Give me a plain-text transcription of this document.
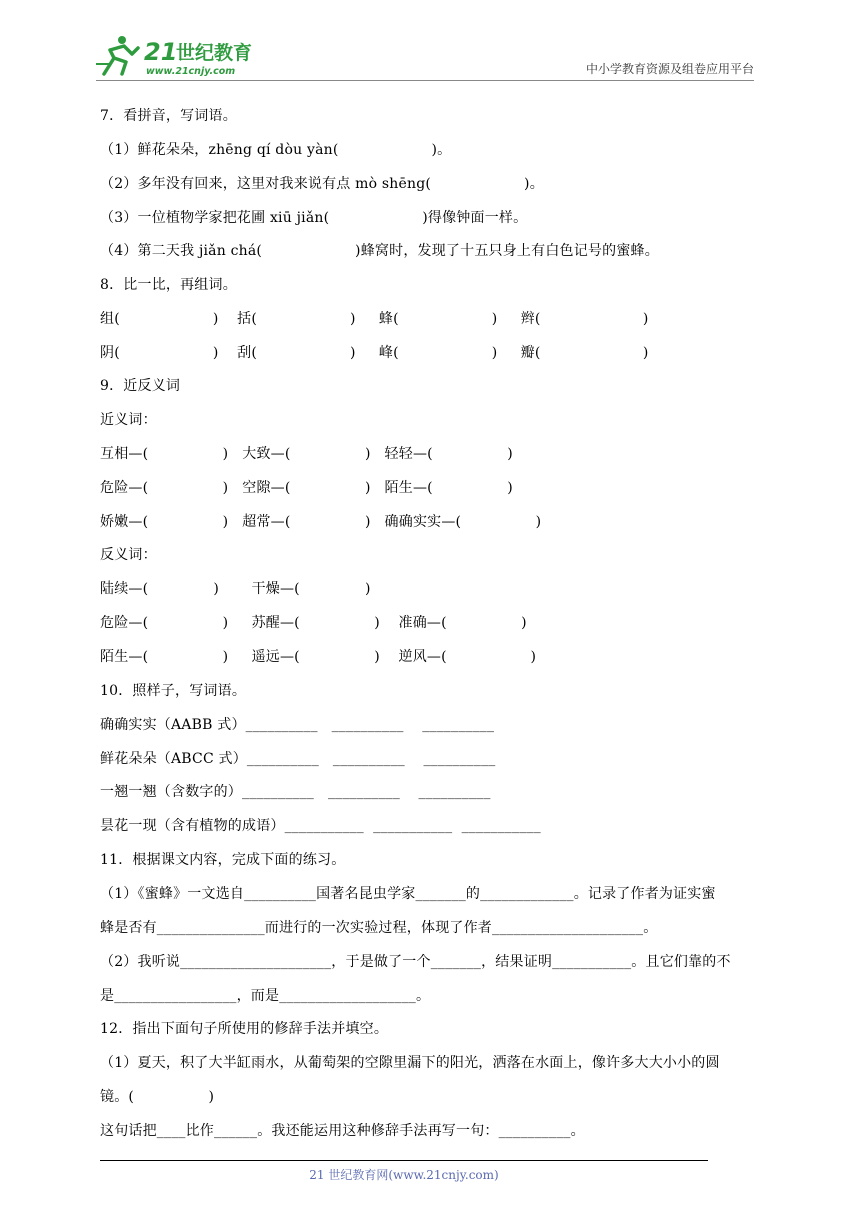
21
世纪教育
www.21cnjy.com	中小学教育资源及组卷应用平台
7．看拼音，写词语。
（1）鲜花朵朵，zhēng qí dòu yàn(                    )。
（2）多年没有回来，这里对我来说有点 mò shēng(                    )。
（3）一位植物学家把花圃 xiū jiǎn(                    )得像钟面一样。
（4）第二天我 jiǎn chá(                    )蜂窝时，发现了十五只身上有白色记号的蜜蜂。
8．比一比，再组词。
组(                    )    括(                    )     蜂(                    )     辫(                      )
阴(                    )    刮(                    )     峰(                    )     瓣(                      )
9．近反义词
近义词：
互相—(                )   大致—(                )   轻轻—(                )
危险—(                )   空隙—(                )   陌生—(                )
娇嫩—(                )   超常—(                )   确确实实—(                )
反义词：
陆续—(              )       干燥—(              )
危险—(                )     苏醒—(                )    准确—(                )
陌生—(                )     遥远—(                )    逆风—(                  )
10．照样子，写词语。
确确实实（AABB 式）__________   __________    __________
鲜花朵朵（ABCC 式）__________   __________    __________
一翘一翘（含数字的）__________   __________    __________
昙花一现（含有植物的成语）___________  ___________  ___________
11．根据课文内容，完成下面的练习。
（1）《蜜蜂》一文选自__________国著名昆虫学家_______的_____________。记录了作者为证实蜜
蜂是否有_______________而进行的一次实验过程，体现了作者_____________________。
（2）我听说_____________________，于是做了一个_______，结果证明___________。且它们靠的不
是_________________，而是___________________。
12．指出下面句子所使用的修辞手法并填空。
（1）夏天，积了大半缸雨水，从葡萄架的空隙里漏下的阳光，洒落在水面上，像许多大大小小的圆
镜。(                )
这句话把____比作______。我还能运用这种修辞手法再写一句：__________。
21 世纪教育网(www.21cnjy.com)
